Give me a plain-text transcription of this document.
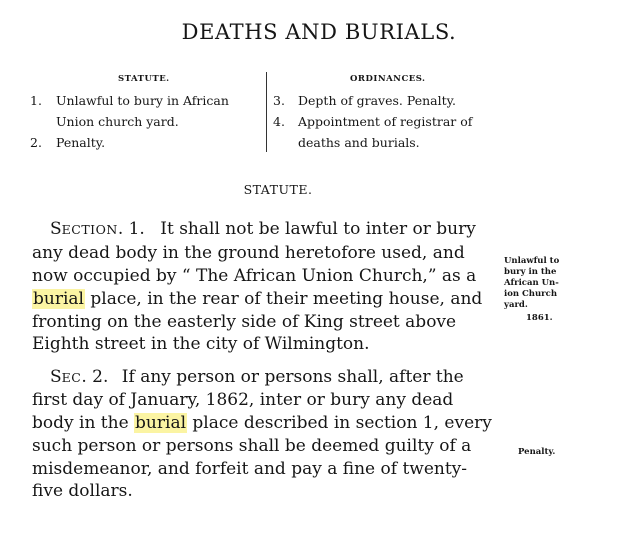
DEATHS AND BURIALS.
STATUTE.	ORDINANCES.
1. Unlawful to bury in African
Union church yard.
2. Penalty.
3. Depth of graves. Penalty.
4. Appointment of registrar of
deaths and burials.
STATUTE.
SECTION. 1. It shall not be lawful to inter or bury
any dead body in the ground heretofore used, and
now occupied by “ The African Union Church,” as a
burial place, in the rear of their meeting house, and
fronting on the easterly side of King street above
Eighth street in the city of Wilmington.
SEC. 2. If any person or persons shall, after the
first day of January, 1862, inter or bury any dead
body in the burial place described in section 1, every
such person or persons shall be deemed guilty of a
misdemeanor, and forfeit and pay a fine of twenty-
five dollars.
Unlawful to
bury in the
African Un-
ion Church
yard.
1861.
Penalty.
